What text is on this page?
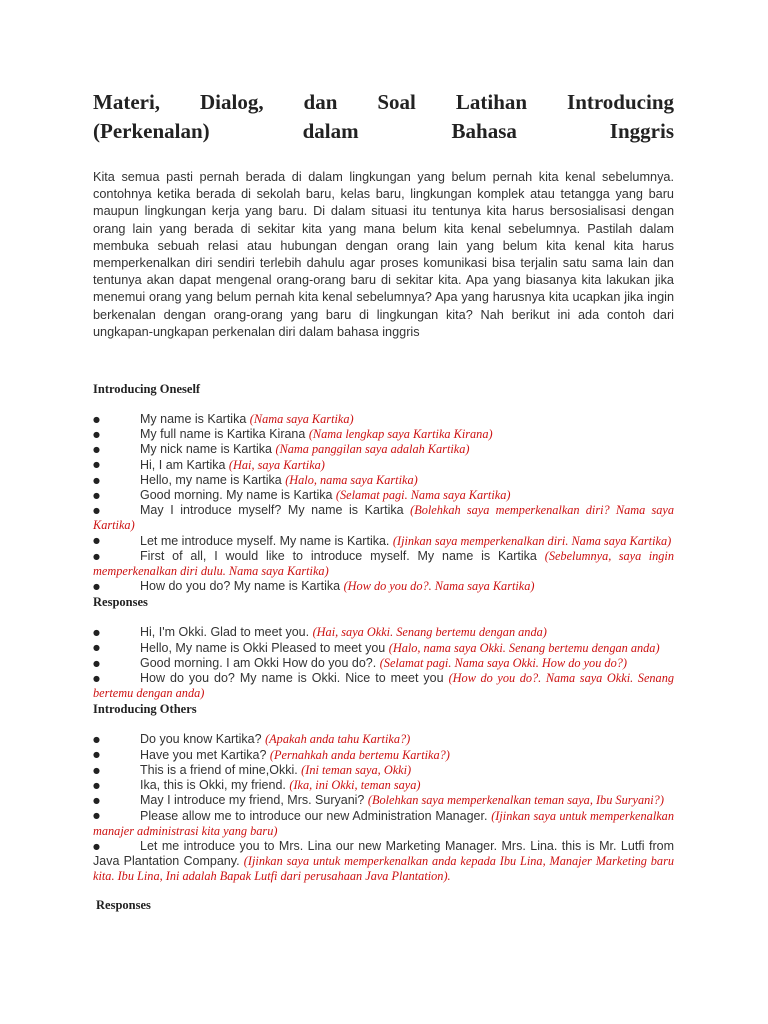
Materi, Dialog, dan Soal Latihan Introducing
(Perkenalan) dalam Bahasa Inggris

Kita semua pasti pernah berada di dalam lingkungan yang belum pernah kita kenal sebelumnya. contohnya ketika berada di sekolah baru, kelas baru, lingkungan komplek atau tetangga yang baru maupun lingkungan kerja yang baru. Di dalam situasi itu tentunya kita harus bersosialisasi dengan orang lain yang berada di sekitar kita yang mana belum kita kenal sebelumnya. Pastilah dalam membuka sebuah relasi atau hubungan dengan orang lain yang belum kita kenal kita harus memperkenalkan diri sendiri terlebih dahulu agar proses komunikasi bisa terjalin satu sama lain dan tentunya akan dapat mengenal orang-orang baru di sekitar kita. Apa yang biasanya kita lakukan jika menemui orang yang belum pernah kita kenal sebelumnya? Apa yang harusnya kita ucapkan jika ingin berkenalan dengan orang-orang yang baru di lingkungan kita? Nah berikut ini ada contoh dari ungkapan-ungkapan perkenalan diri dalam bahasa inggris

Introducing Oneself
●	My name is Kartika (Nama saya Kartika)
●	My full name is Kartika Kirana (Nama lengkap saya Kartika Kirana)
●	My nick name is Kartika (Nama panggilan saya adalah Kartika)
●	Hi, I am Kartika (Hai, saya Kartika)
●	Hello, my name is Kartika (Halo, nama saya Kartika)
●	Good morning. My name is Kartika (Selamat pagi. Nama saya Kartika)
●	May I introduce myself? My name is Kartika (Bolehkah saya memperkenalkan diri? Nama saya Kartika)
●	Let me introduce myself. My name is Kartika. (Ijinkan saya memperkenalkan diri. Nama saya Kartika)
●	First of all, I would like to introduce myself. My name is Kartika (Sebelumnya, saya ingin memperkenalkan diri dulu. Nama saya Kartika)
●	How do you do? My name is Kartika (How do you do?. Nama saya Kartika)
Responses
●	Hi, I'm Okki. Glad to meet you. (Hai, saya Okki. Senang bertemu dengan anda)
●	Hello, My name is Okki Pleased to meet you (Halo, nama saya Okki. Senang bertemu dengan anda)
●	Good morning. I am Okki How do you do?. (Selamat pagi. Nama saya Okki. How do you do?)
●	How do you do? My name is Okki. Nice to meet you (How do you do?. Nama saya Okki. Senang bertemu dengan anda)
Introducing Others
●	Do you know Kartika? (Apakah anda tahu Kartika?)
●	Have you met Kartika? (Pernahkah anda bertemu Kartika?)
●	This is a friend of mine,Okki. (Ini teman saya, Okki)
●	Ika, this is Okki, my friend. (Ika, ini Okki, teman saya)
●	May I introduce my friend, Mrs. Suryani? (Bolehkan saya memperkenalkan teman saya, Ibu Suryani?)
●	Please allow me to introduce our new Administration Manager. (Ijinkan saya untuk memperkenalkan manajer administrasi kita yang baru)
●	Let me introduce you to Mrs. Lina our new Marketing Manager. Mrs. Lina. this is Mr. Lutfi from Java Plantation Company. (Ijinkan saya untuk memperkenalkan anda kepada Ibu Lina, Manajer Marketing baru kita. Ibu Lina, Ini adalah Bapak Lutfi dari perusahaan Java Plantation).
Responses
